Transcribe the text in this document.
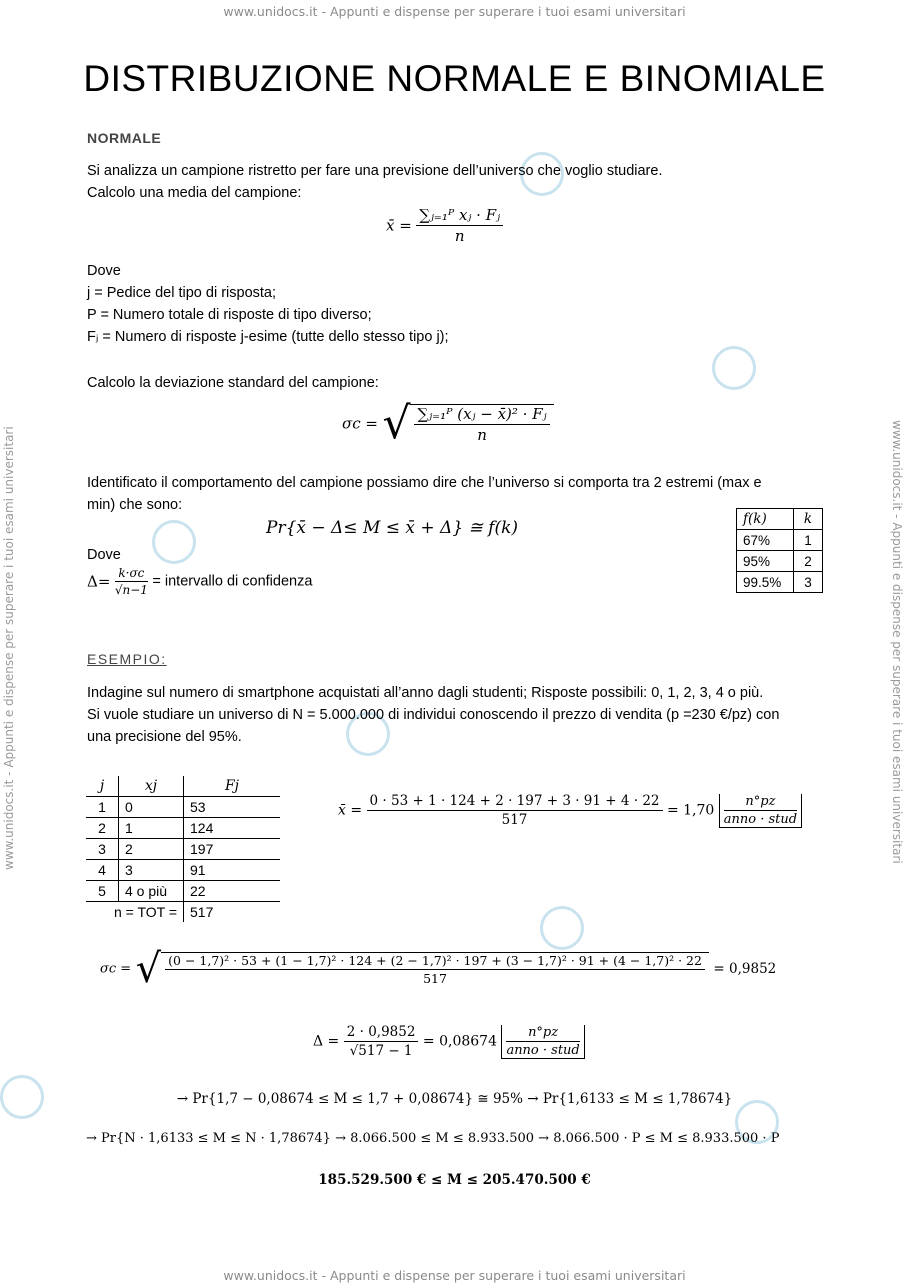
www.unidocs.it - Appunti e dispense per superare i tuoi esami universitari
www.unidocs.it - Appunti e dispense per superare i tuoi esami universitari
www.unidocs.it - Appunti e dispense per superare i tuoi esami universitari	www.unidocs.it - Appunti e dispense per superare i tuoi esami universitari
DISTRIBUZIONE NORMALE E BINOMIALE
NORMALE
Si analizza un campione ristretto per fare una previsione dell’universo che voglio studiare.
Calcolo una media del campione:
x̄ = $\frac{\text{∑ⱼ₌₁ᴾ xⱼ · Fⱼ}}{n}$
Dove
j = Pedice del tipo di risposta;
P = Numero totale di risposte di tipo diverso;
Fⱼ = Numero di risposte j-esime (tutte dello stesso tipo j);
Calcolo la deviazione standard del campione:
σc = √ $\frac{\text{∑ⱼ₌₁ᴾ (xⱼ − x̄)² · Fⱼ}}{n}$
Identificato il comportamento del campione possiamo dire che l’universo si comporta tra 2 estremi (max e
min) che sono:
Pr{x̄ − Δ≤ M ≤ x̄ + Δ} ≅ f(k)
Dove
$\Delta= \frac{k\cdot\sigma c}{√n-1}$ = intervallo di confidenza
f(k)	k
67%	1
95%	2
99.5%	3
ESEMPIO:
Indagine sul numero di smartphone acquistati all’anno dagli studenti; Risposte possibili: 0, 1, 2, 3, 4 o più.
Si vuole studiare un universo di N = 5.000.000 di individui conoscendo il prezzo di vendita (p =230 €/pz) con
una precisione del 95%.
j	xj	Fj
1	0	53
2	1	124
3	2	197
4	3	91
5	4 o più	22
n = TOT =		517
x̄ = $\frac{0 \cdot 53 + 1 \cdot 124 + 2 \cdot 197 + 3 \cdot 91 + 4 \cdot 22}{517} = 1,70 \frac{n^\circ pz}{\text{anno · stud}}$
σc = √ (0 − 1,7)² · 53 + (1 − 1,7)² · 124 + (2 − 1,7)² · 197 + (3 − 1,7)² · 91 + (4 − 1,7)² · 22
517
= 0,9852
$\Delta = \frac{2 \cdot 0,9852}{√517 - 1} = 0,08674 \frac{n^\circ pz}{\text{anno · stud}}$
→ Pr{1,7 − 0,08674 ≤ M ≤ 1,7 + 0,08674} ≅ 95% → Pr{1,6133 ≤ M ≤ 1,78674}
→ Pr{N · 1,6133 ≤ M ≤ N · 1,78674} → 8.066.500 ≤ M ≤ 8.933.500 → 8.066.500 · P ≤ M ≤ 8.933.500 · P
185.529.500 € ≤ M ≤ 205.470.500 €
